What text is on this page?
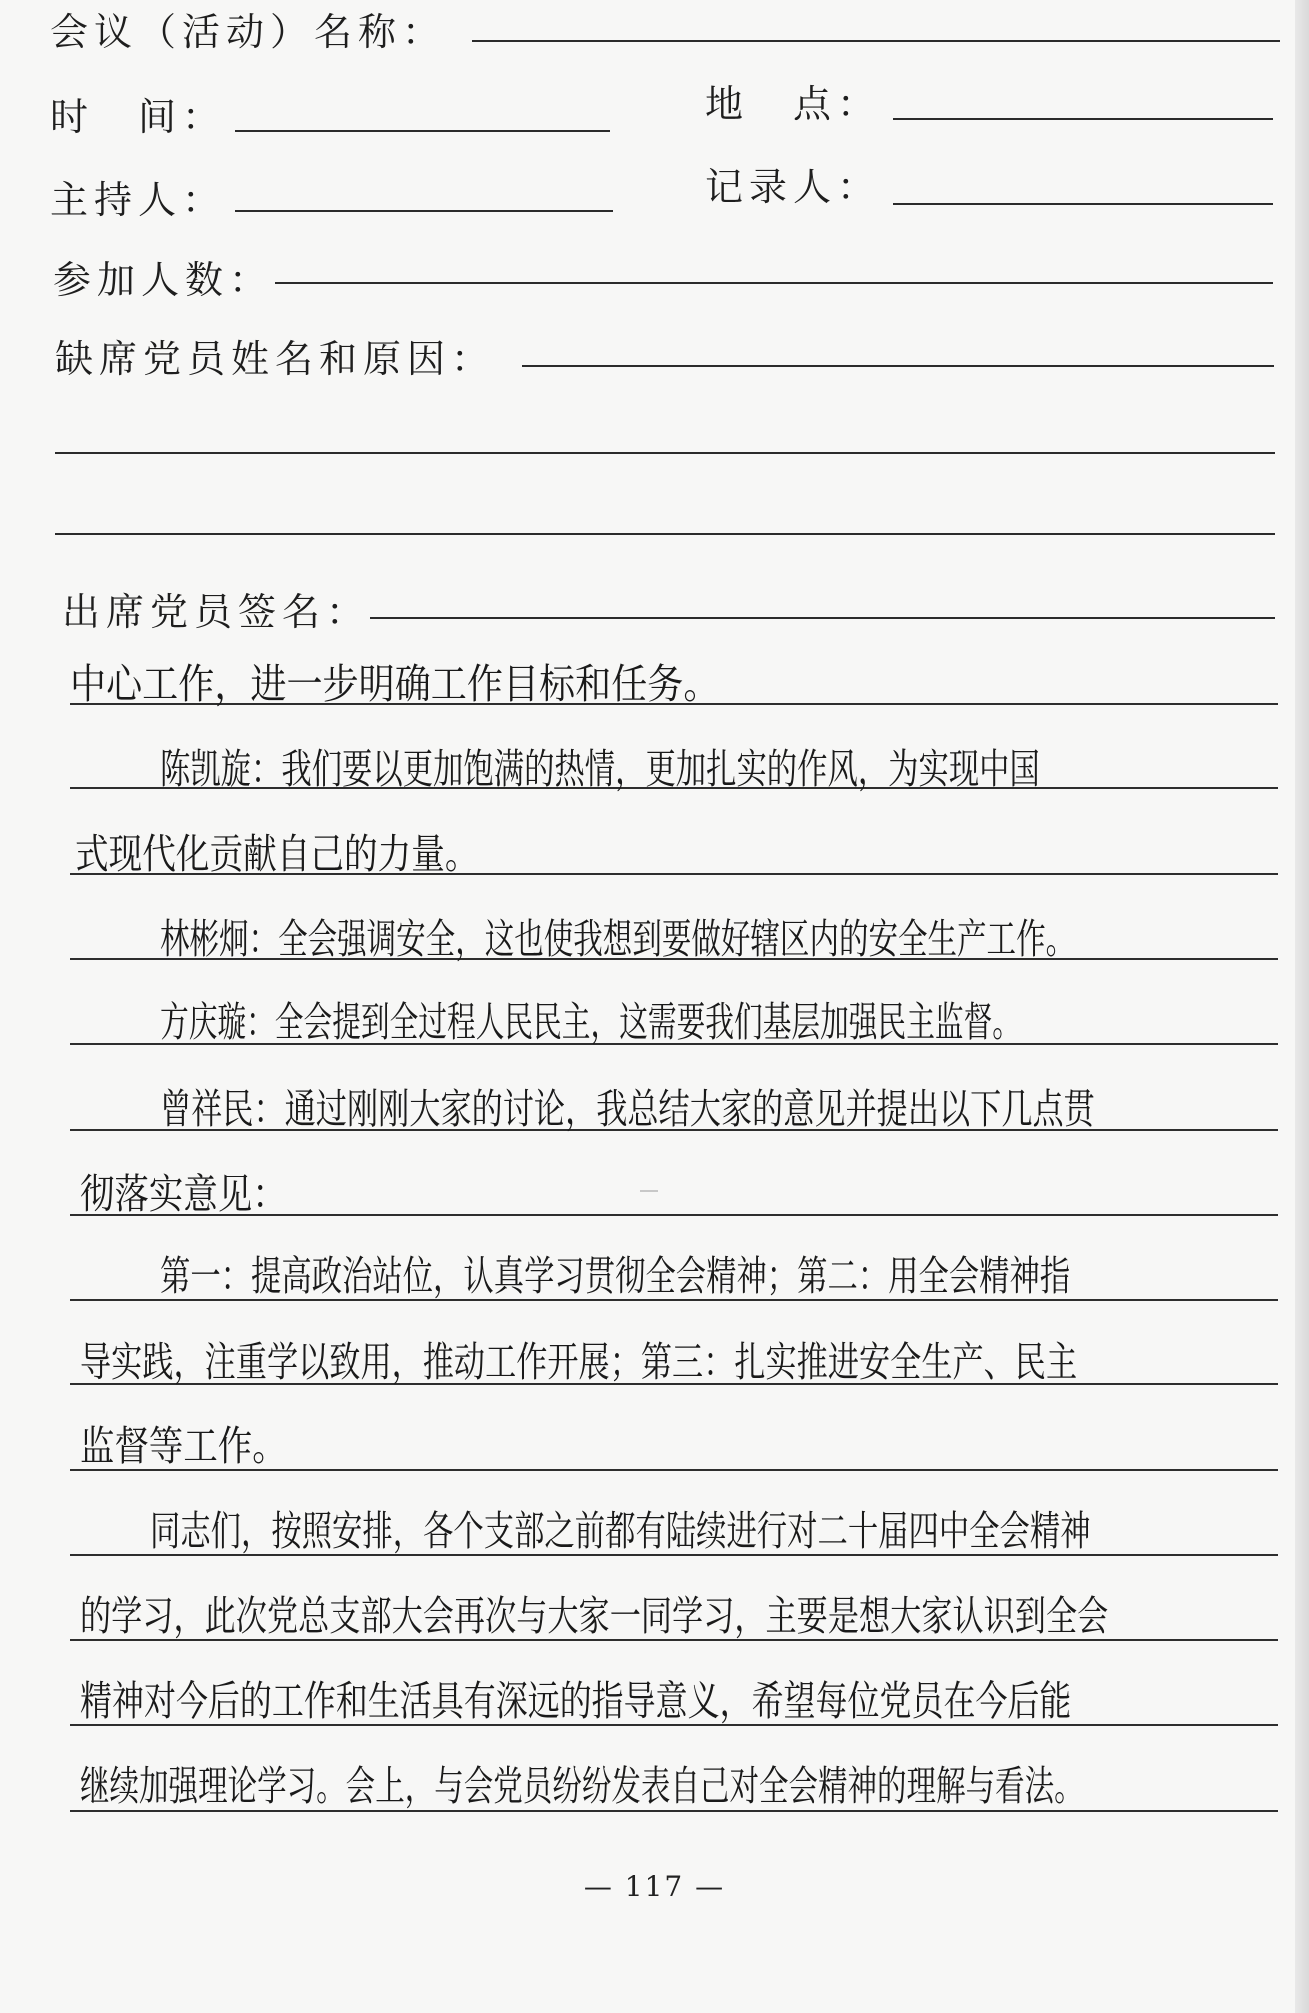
会议（活动）名称：
时　间：	地　点：
主持人：	记录人：
参加人数：
缺席党员姓名和原因：
出席党员签名：
中心工作，进一步明确工作目标和任务。
陈凯旋：我们要以更加饱满的热情，更加扎实的作风，为实现中国
式现代化贡献自己的力量。
林彬炯：全会强调安全，这也使我想到要做好辖区内的安全生产工作。
方庆璇：全会提到全过程人民民主，这需要我们基层加强民主监督。
曾祥民：通过刚刚大家的讨论，我总结大家的意见并提出以下几点贯
彻落实意见：
第一：提高政治站位，认真学习贯彻全会精神；第二：用全会精神指
导实践，注重学以致用，推动工作开展；第三：扎实推进安全生产、民主
监督等工作。
同志们，按照安排，各个支部之前都有陆续进行对二十届四中全会精神
的学习，此次党总支部大会再次与大家一同学习，主要是想大家认识到全会
精神对今后的工作和生活具有深远的指导意义，希望每位党员在今后能
继续加强理论学习。会上，与会党员纷纷发表自己对全会精神的理解与看法。
— 117 —
